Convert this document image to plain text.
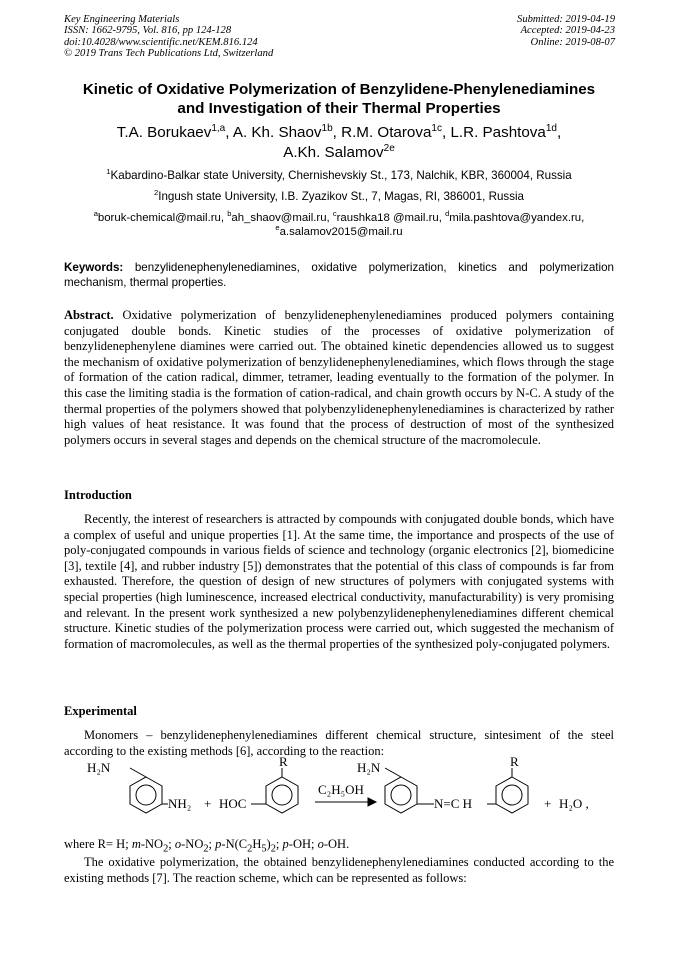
Key Engineering Materials
ISSN: 1662-9795, Vol. 816, pp 124-128
doi:10.4028/www.scientific.net/KEM.816.124
© 2019 Trans Tech Publications Ltd, Switzerland
Submitted: 2019-04-19
Accepted: 2019-04-23
Online: 2019-08-07
Kinetic of Oxidative Polymerization of Benzylidene-Phenylenediamines
and Investigation of their Thermal Properties
T.A. Borukaev$^{1,a}$, A. Kh. Shaov$^{1b}$, R.M. Otarova$^{1c}$, L.R. Pashtova$^{1d}$,
A.Kh. Salamov$^{2e}$
$^1$Kabardino-Balkar state University, Chernishevskiy St., 173, Nalchik, KBR, 360004, Russia
$^2$Ingush state University, I.B. Zyazikov St., 7, Magas, RI, 386001, Russia
$^a$boruk-chemical@mail.ru, $^b$ah_shaov@mail.ru, $^c$raushka18 @mail.ru, $^d$mila.pashtova@yandex.ru,
$^e$a.salamov2015@mail.ru
Keywords: benzylidenephenylenediamines, oxidative polymerization, kinetics and polymerization mechanism, thermal properties.
Abstract. Oxidative polymerization of benzylidenephenylenediamines produced polymers containing conjugated double bonds. Kinetic studies of the processes of oxidative polymerization of benzylidenephenylene diamines were carried out. The obtained kinetic dependencies allowed us to suggest the mechanism of oxidative polymerization of benzylidenephenylenediamines, which flows through the stage of formation of the cation radical, dimmer, tetramer, leading eventually to the formation of the polymer. In this case the limiting stadia is the formation of cation-radical, and chain growth occurs by N-C. A study of the thermal properties of the polymers showed that polybenzylidenephenylenediamines is characterized by rather high values of heat resistance. It was found that the process of destruction of most of the synthesized polymers occurs in several stages and depends on the chemical structure of the macromolecule.
Introduction
Recently, the interest of researchers is attracted by compounds with conjugated double bonds, which have a complex of useful and unique properties [1]. At the same time, the importance and prospects of the use of poly-conjugated compounds in various fields of science and technology (organic electronics [2], biomedicine [3], textile [4], and rubber industry [5]) demonstrates that the potential of this class of compounds is far from exhausted. Therefore, the question of design of new structures of polymers with conjugated systems with special properties (high luminescence, increased electrical conductivity, manufacturability) is very promising and relevant. In the present work synthesized a new polybenzylidenephenylenediamines different chemical structure. Kinetic studies of the polymerization process were carried out, which suggested the mechanism of formation of macromolecules, as well as the thermal properties of the synthesized poly-conjugated polymers.
Experimental
Monomers – benzylidenephenylenediamines different chemical structure, sintesiment of the steel according to the existing methods [6], according to the reaction:
H₂N
NH₂ + HOC
R
C₂H₅OH
H₂N
N=C H
R
+ H₂O ,
where R= H; $m-NO_2$; $o-NO_2$; $p-N(C_2H_5)_2$; p-OH; o-OH.
The oxidative polymerization, the obtained benzylidenephenylenediamines conducted according to the existing methods [7]. The reaction scheme, which can be represented as follows:
